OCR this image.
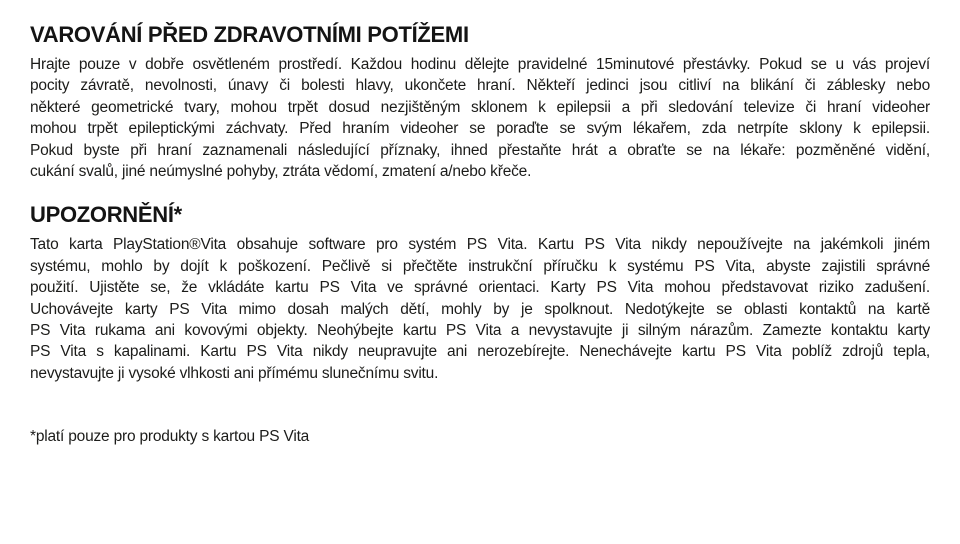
VAROVÁNÍ PŘED ZDRAVOTNÍMI POTÍŽEMI
Hrajte pouze v dobře osvětleném prostředí. Každou hodinu dělejte pravidelné 15minutové přestávky. Pokud se u vás projeví
pocity závratě, nevolnosti, únavy či bolesti hlavy, ukončete hraní. Někteří jedinci jsou citliví na blikání či záblesky nebo
některé geometrické tvary, mohou trpět dosud nezjištěným sklonem k epilepsii a při sledování televize či hraní videoher
mohou trpět epileptickými záchvaty. Před hraním videoher se poraďte se svým lékařem, zda netrpíte sklony k epilepsii.
Pokud byste při hraní zaznamenali následující příznaky, ihned přestaňte hrát a obraťte se na lékaře: pozměněné vidění,
cukání svalů, jiné neúmyslné pohyby, ztráta vědomí, zmatení a/nebo křeče.
UPOZORNĚNÍ*
Tato karta PlayStation®Vita obsahuje software pro systém PS Vita. Kartu PS Vita nikdy nepoužívejte na jakémkoli jiném
systému, mohlo by dojít k poškození. Pečlivě si přečtěte instrukční příručku k systému PS Vita, abyste zajistili správné
použití. Ujistěte se, že vkládáte kartu PS Vita ve správné orientaci. Karty PS Vita mohou představovat riziko zadušení.
Uchovávejte karty PS Vita mimo dosah malých dětí, mohly by je spolknout. Nedotýkejte se oblasti kontaktů na kartě
PS Vita rukama ani kovovými objekty. Neohýbejte kartu PS Vita a nevystavujte ji silným nárazům. Zamezte kontaktu karty
PS Vita s kapalinami. Kartu PS Vita nikdy neupravujte ani nerozebírejte. Nenechávejte kartu PS Vita poblíž zdrojů tepla,
nevystavujte ji vysoké vlhkosti ani přímému slunečnímu svitu.
*platí pouze pro produkty s kartou PS Vita
